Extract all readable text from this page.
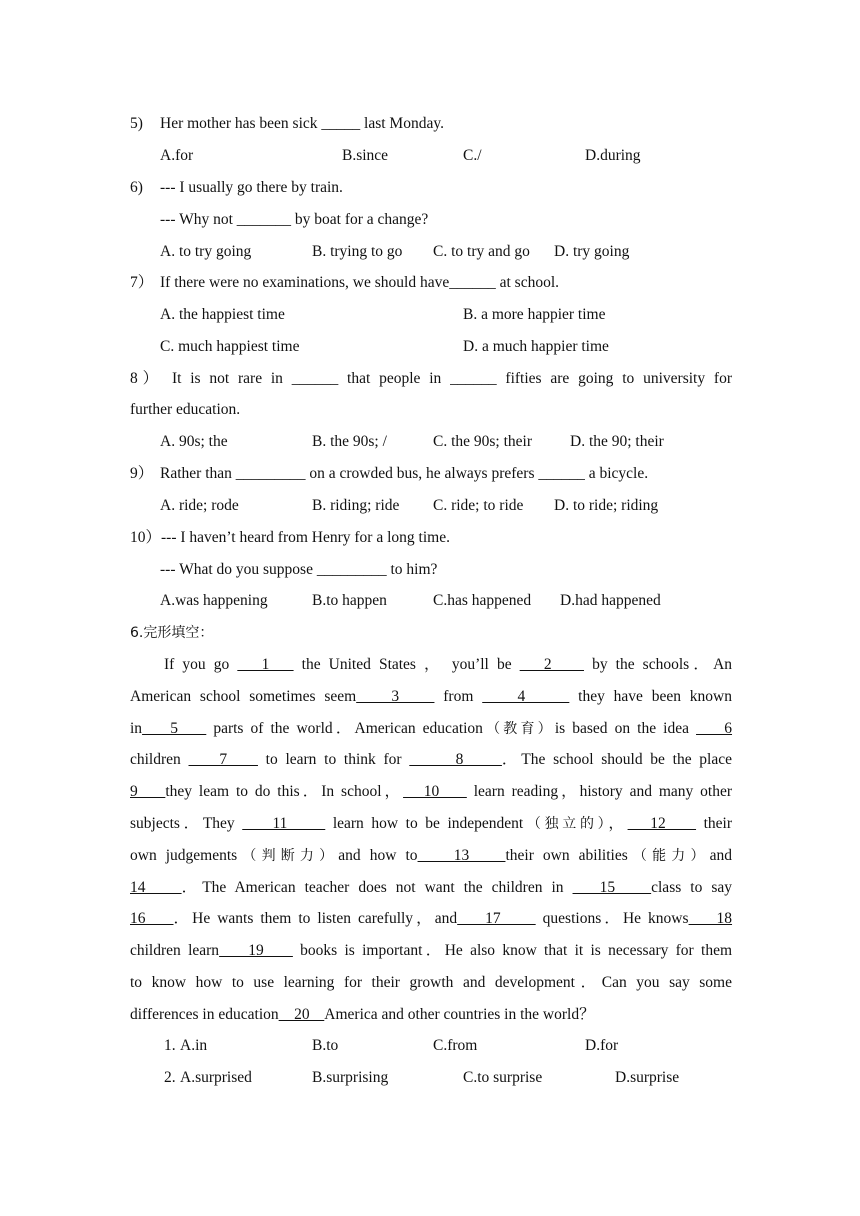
5) Her mother has been sick _____ last Monday.
A.for	B.since	C./	D.during
6) --- I usually go there by train.
--- Why not _______ by boat for a change?
A. to try going	B. trying to go C. to try and go D. try going
7） If there were no examinations, we should have______ at school.
A. the happiest time	B. a more happier time
C. much happiest time	D. a much happier time
8） It is not rare in ______ that people in ______ fifties are going to university for
further education.
A. 90s; the	B. the 90s; /	C. the 90s; their D. the 90; their
9） Rather than _________ on a crowded bus, he always prefers ______ a bicycle.
A. ride; rode	B. riding; ride C. ride; to ride D. to ride; riding
10）--- I haven’t heard from Henry for a long time.
--- What do you suppose _________ to him?
A.was happening	B.to happen	C.has happened D.had happened
6.完形填空：
If you go    1    the United States ， you’ll be    2     by the schools．An
American school sometimes seem    3     from     4      they have been known
in    5     parts of the world．American education（教育）is based on the idea     6
children     7     to learn to think for       8     ．The school should be the place
9    they leam to do this．In school，   10     learn reading，history and many other
subjects．They     11      learn how to be independent（独立的），   12     their
own judgements（判断力）and how to    13    their own abilities（能力）and
14    ．The American teacher does not want the children in    15    class to say
16    ．He wants them to listen carefully，and    17      questions．He knows    18
children learn    19     books is important．He also know that it is necessary for them
to know how to use learning for their growth and development．Can you say some
differences in education    20    America and other countries in the world？
1. A.in	B.to	C.from	D.for
2. A.surprised	B.surprising	C.to surprise	D.surprise
